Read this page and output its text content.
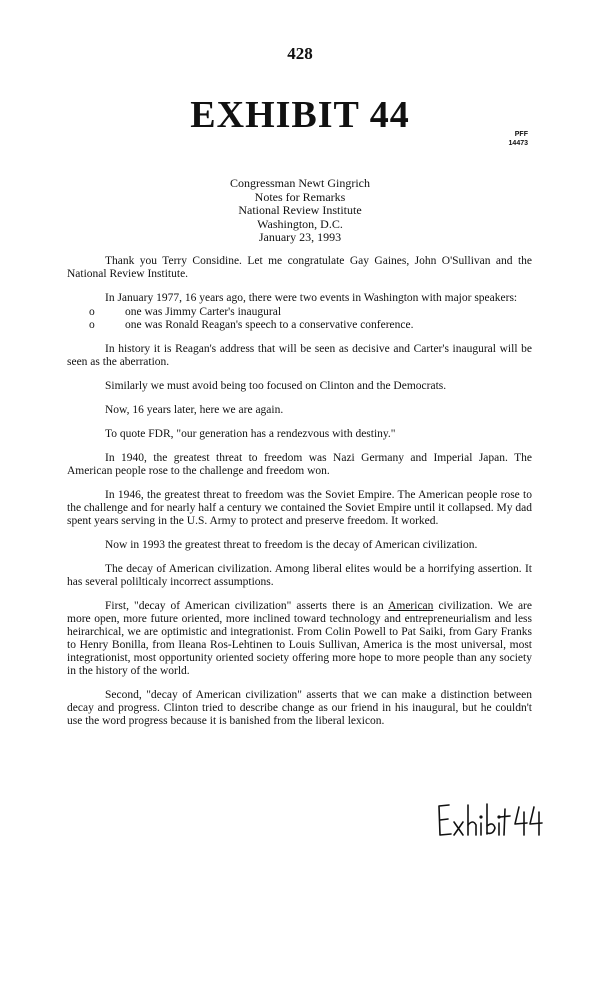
428
EXHIBIT 44	PFF
14473
Congressman Newt Gingrich
Notes for Remarks
National Review Institute
Washington, D.C.
January 23, 1993

Thank you Terry Considine. Let me congratulate Gay Gaines, John O'Sullivan and the National Review Institute.

In January 1977, 16 years ago, there were two events in Washington with major speakers:

o	one was Jimmy Carter's inaugural
o	one was Ronald Reagan's speech to a conservative conference.

In history it is Reagan's address that will be seen as decisive and Carter's inaugural will be seen as the aberration.

Similarly we must avoid being too focused on Clinton and the Democrats.

Now, 16 years later, here we are again.

To quote FDR, "our generation has a rendezvous with destiny."

In 1940, the greatest threat to freedom was Nazi Germany and Imperial Japan. The American people rose to the challenge and freedom won.

In 1946, the greatest threat to freedom was the Soviet Empire. The American people rose to the challenge and for nearly half a century we contained the Soviet Empire until it collapsed. My dad spent years serving in the U.S. Army to protect and preserve freedom. It worked.

Now in 1993 the greatest threat to freedom is the decay of American civilization.

The decay of American civilization. Among liberal elites would be a horrifying assertion. It has several polilticaly incorrect assumptions.

First, "decay of American civilization" asserts there is an American civilization. We are more open, more future oriented, more inclined toward technology and entrepreneurialism and less heirarchical, we are optimistic and integrationist. From Colin Powell to Pat Saiki, from Gary Franks to Henry Bonilla, from Ileana Ros-Lehtinen to Louis Sullivan, America is the most universal, most integrationist, most opportunity oriented society offering more hope to more people than any society in the history of the world.

Second, "decay of American civilization" asserts that we can make a distinction between decay and progress. Clinton tried to describe change as our friend in his inaugural, but he couldn't use the word progress because it is banished from the liberal lexicon.
